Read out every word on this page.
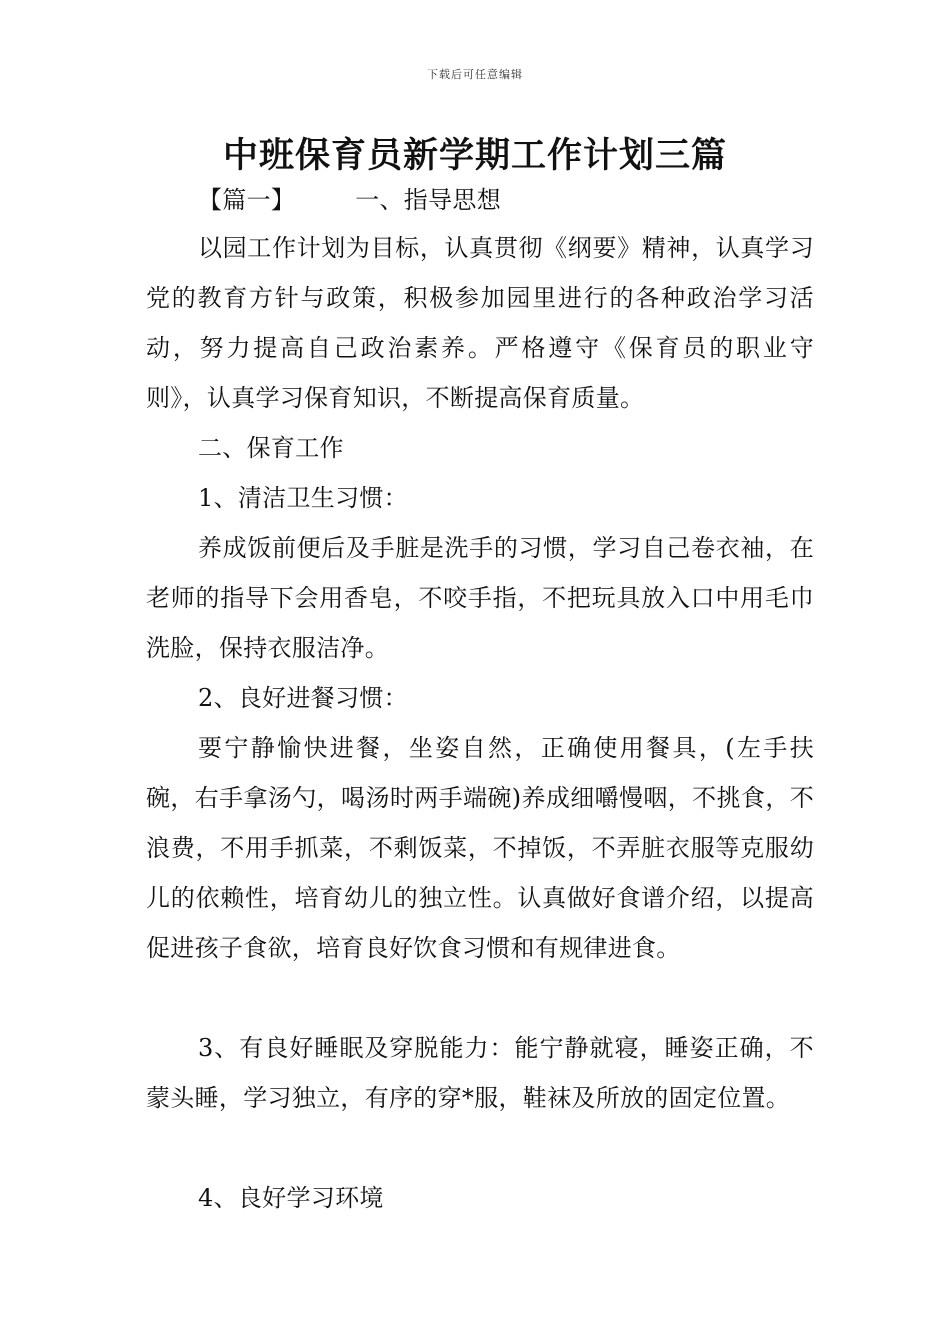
下载后可任意编辑
中班保育员新学期工作计划三篇

【篇一】	一、指导思想

以园工作计划为目标，认真贯彻《纲要》精神，认真学习党的教育方针与政策，积极参加园里进行的各种政治学习活动，努力提高自己政治素养。严格遵守《保育员的职业守则》，认真学习保育知识，不断提高保育质量。

二、保育工作

1、清洁卫生习惯：

养成饭前便后及手脏是洗手的习惯，学习自己卷衣袖，在老师的指导下会用香皂，不咬手指，不把玩具放入口中用毛巾洗脸，保持衣服洁净。

2、良好进餐习惯：

要宁静愉快进餐，坐姿自然，正确使用餐具，(左手扶碗，右手拿汤勺，喝汤时两手端碗)养成细嚼慢咽，不挑食，不浪费，不用手抓菜，不剩饭菜，不掉饭，不弄脏衣服等克服幼儿的依赖性，培育幼儿的独立性。认真做好食谱介绍，以提高促进孩子食欲，培育良好饮食习惯和有规律进食。

3、有良好睡眠及穿脱能力：能宁静就寝，睡姿正确，不蒙头睡，学习独立，有序的穿*服，鞋袜及所放的固定位置。

4、良好学习环境
